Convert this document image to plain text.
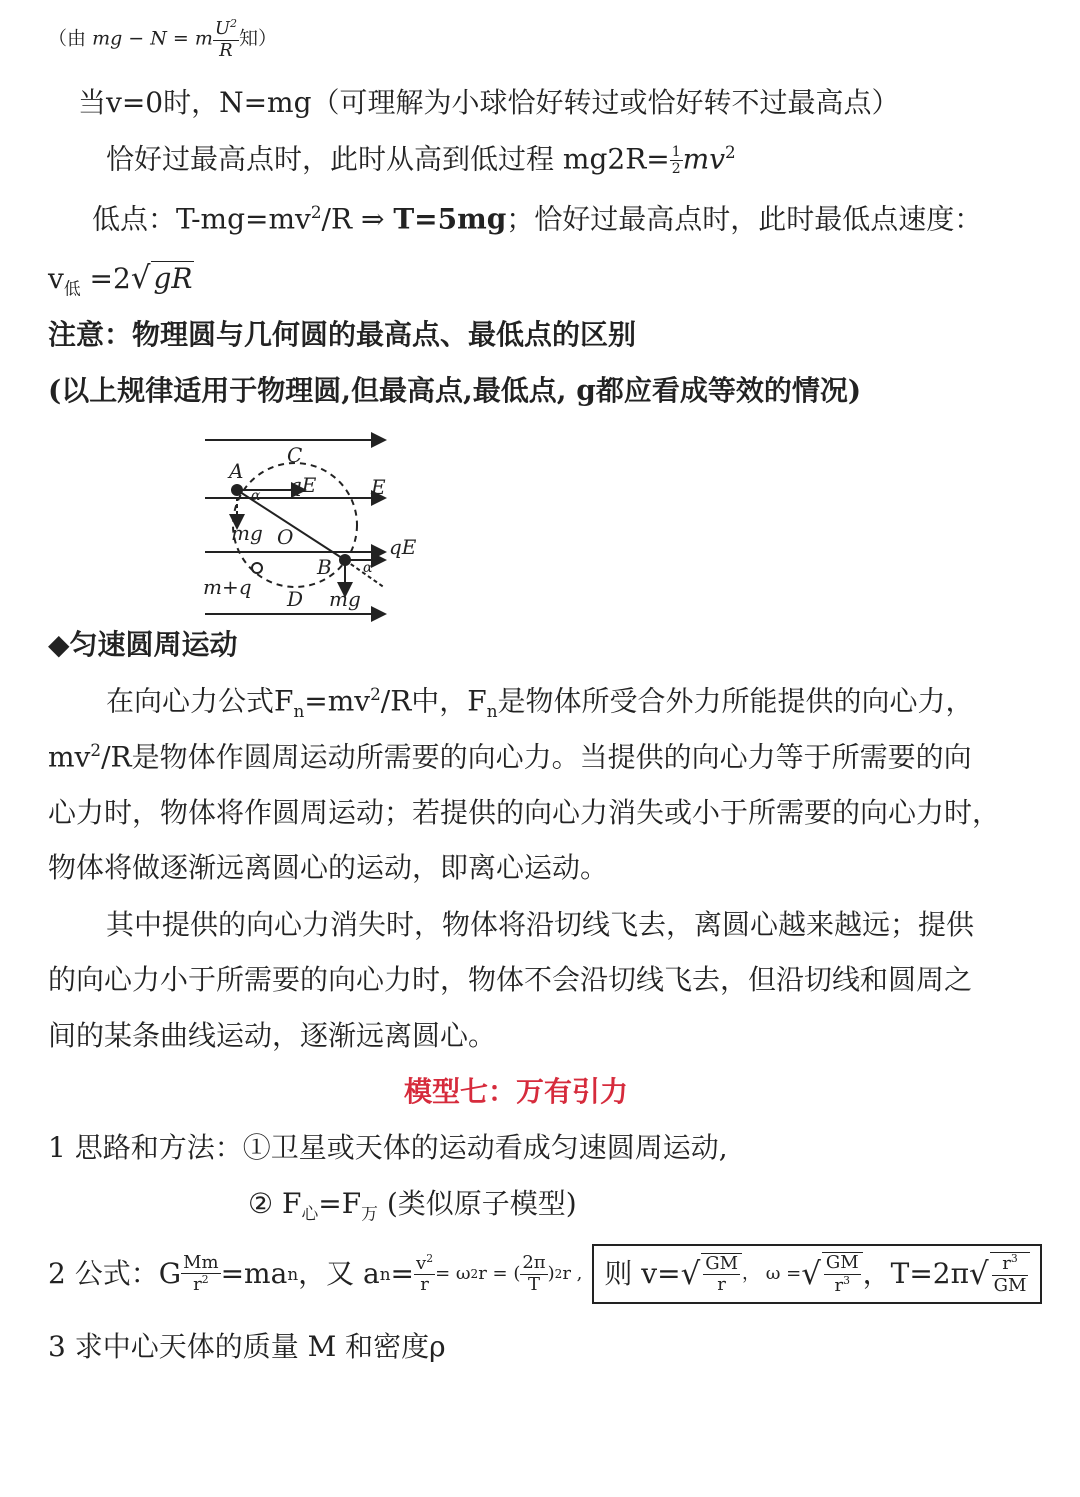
（由 mg − N = m $\frac{U^2}{R}$ 知）
当v=0时，N=mg（可理解为小球恰好转过或恰好转不过最高点）
恰好过最高点时，此时从高到低过程 $mg2R= \frac{1}{2} mv^2$
低点：$T-mg=mv^2/R$ ⇒ T=5mg；恰好过最高点时，此时最低点速度：
$v_低 =2√$ gR
注意：物理圆与几何圆的最高点、最低点的区别
(以上规律适用于物理圆,但最高点,最低点, g都应看成等效的情况)
A
C
qE	E
α
mg O	qE
B α
m+q D mg
◆匀速圆周运动
在向心力公式$F_n=mv^2/R$中，$F_n$是物体所受合外力所能提供的向心力，
$mv^2/R$是物体作圆周运动所需要的向心力。当提供的向心力等于所需要的向
心力时，物体将作圆周运动；若提供的向心力消失或小于所需要的向心力时，
物体将做逐渐远离圆心的运动，即离心运动。
其中提供的向心力消失时，物体将沿切线飞去，离圆心越来越远；提供
的向心力小于所需要的向心力时，物体不会沿切线飞去，但沿切线和圆周之
间的某条曲线运动，逐渐远离圆心。
模型七：万有引力
1 思路和方法：①卫星或天体的运动看成匀速圆周运动,
② $F_心=F_万$ (类似原子模型)
2 公式：G $\frac{Mm}{r^2} =ma$ n ，又 a $n = \frac{v^2}{r} = \omega$ 2 r = ( $\frac{2\pi}{T}$ ) 2 r , 则 v= √ $\frac{GM}{r}$ ， ω = √ $\frac{GM}{r^3}$ ，T=2π √ $\frac{r^3}{GM}$
3 求中心天体的质量 M 和密度ρ
